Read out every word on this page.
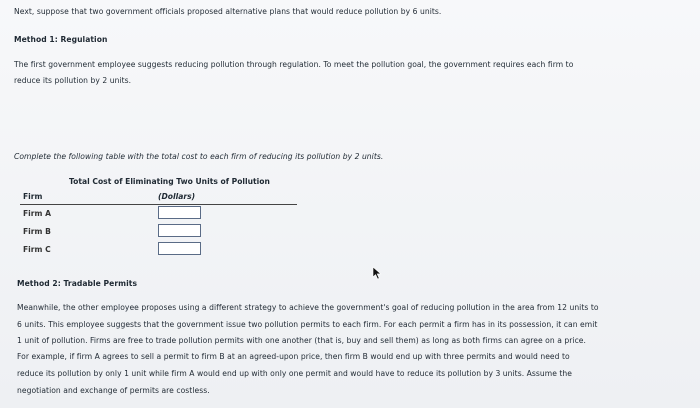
Next, suppose that two government officials proposed alternative plans that would reduce pollution by 6 units.
Method 1: Regulation
The first government employee suggests reducing pollution through regulation. To meet the pollution goal, the government requires each firm to
reduce its pollution by 2 units.
Complete the following table with the total cost to each firm of reducing its pollution by 2 units.
Total Cost of Eliminating Two Units of Pollution
Firm	(Dollars)
Firm A
Firm B
Firm C
Method 2: Tradable Permits
Meanwhile, the other employee proposes using a different strategy to achieve the government's goal of reducing pollution in the area from 12 units to
6 units. This employee suggests that the government issue two pollution permits to each firm. For each permit a firm has in its possession, it can emit
1 unit of pollution. Firms are free to trade pollution permits with one another (that is, buy and sell them) as long as both firms can agree on a price.
For example, if firm A agrees to sell a permit to firm B at an agreed-upon price, then firm B would end up with three permits and would need to
reduce its pollution by only 1 unit while firm A would end up with only one permit and would have to reduce its pollution by 3 units. Assume the
negotiation and exchange of permits are costless.
